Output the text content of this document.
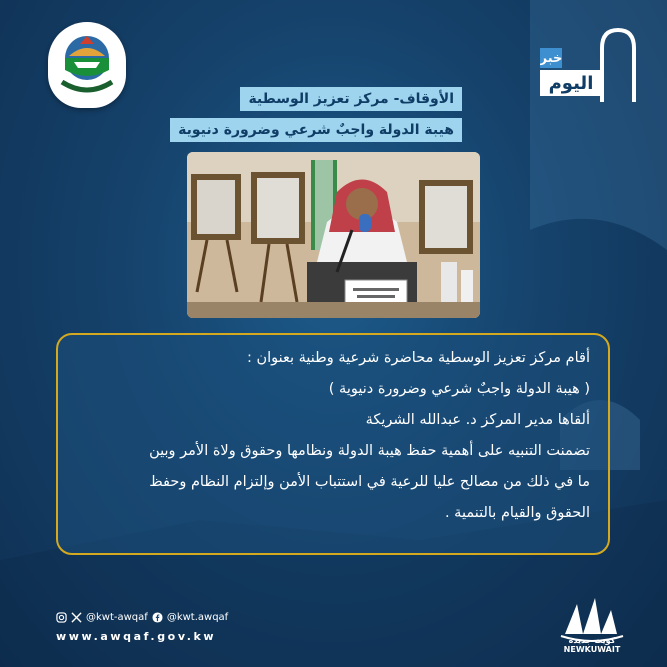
خبر
اليوم
الأوقاف- مركز تعزيز الوسطية
هيبة الدولة واجبٌ شرعي وضرورة دنيوية

أقام مركز تعزيز الوسطية محاضرة شرعية وطنية بعنوان :

( هيبة الدولة واجبٌ شرعي وضرورة دنيوية )

ألقاها مدير المركز د. عبدالله الشريكة

تضمنت التنبيه على أهمية حفظ هيبة الدولة ونظامها وحقوق ولاة الأمر وبين

ما في ذلك من مصالح عليا للرعية في استتباب الأمن وإلتزام النظام وحفظ

الحقوق والقيام بالتنمية .

@kwt-awqaf @kwt.awqaf
www.awqaf.gov.kw	كويت جديدة
NEWKUWAIT
